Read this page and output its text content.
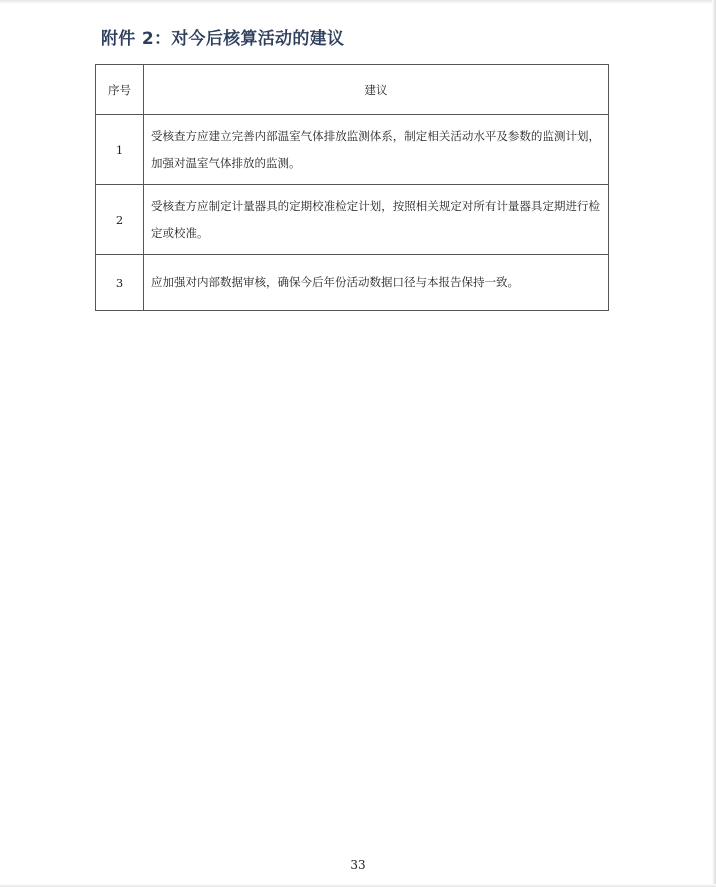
附件 2：对今后核算活动的建议
序号	建议
1	受核查方应建立完善内部温室气体排放监测体系，制定相关活动水平及参数的监测计划，加强对温室气体排放的监测。
2	受核查方应制定计量器具的定期校准检定计划，按照相关规定对所有计量器具定期进行检定或校准。
3	应加强对内部数据审核，确保今后年份活动数据口径与本报告保持一致。
33
